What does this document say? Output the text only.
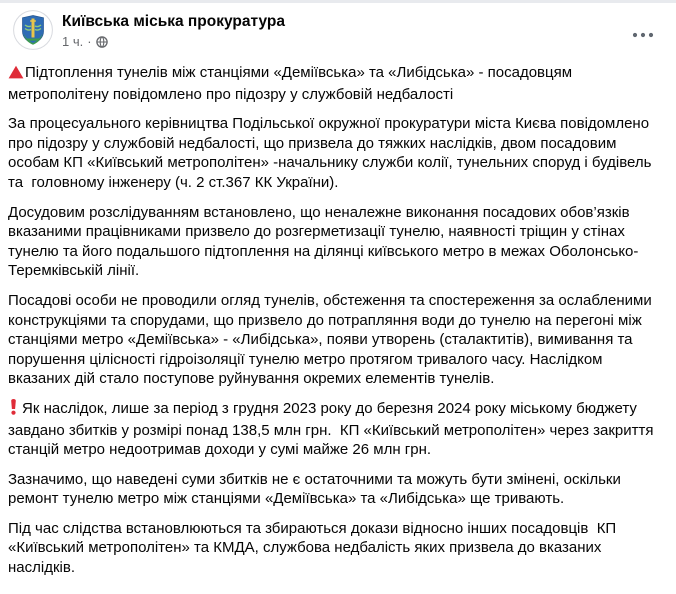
Київська міська прокуратура
1 ч. ·

Підтоплення тунелів між станціями «Деміївська» та «Либідська» - посадовцям метрополітену повідомлено про підозру у службовій недбалості

За процесуального керівництва Подільської окружної прокуратури міста Києва повідомлено про підозру у службовій недбалості, що призвела до тяжких наслідків, двом посадовим особам КП «Київський метрополітен» -начальнику служби колії, тунельних споруд і будівель та  головному інженеру (ч. 2 ст.367 КК України).

Досудовим розслідуванням встановлено, що неналежне виконання посадових обов’язків вказаними працівниками призвело до розгерметизації тунелю, наявності тріщин у стінах тунелю та його подальшого підтоплення на ділянці київського метро в межах Оболонсько-Теремківській лінії.

Посадові особи не проводили огляд тунелів, обстеження та спостереження за ослабленими конструкціями та спорудами, що призвело до потрапляння води до тунелю на перегоні між станціями метро «Деміївська» - «Либідська», появи утворень (сталактитів), вимивання та порушення цілісності гідроізоляції тунелю метро протягом тривалого часу. Наслідком вказаних дій стало поступове руйнування окремих елементів тунелів.

Як наслідок, лише за період з грудня 2023 року до березня 2024 року міському бюджету завдано збитків у розмірі понад 138,5 млн грн.  КП «Київський метрополітен» через закриття станцій метро недоотримав доходи у сумі майже 26 млн грн.

Зазначимо, що наведені суми збитків не є остаточними та можуть бути змінені, оскільки ремонт тунелю метро між станціями «Деміївська» та «Либідська» ще тривають.

Під час слідства встановлюються та збираються докази відносно інших посадовців  КП «Київський метрополітен» та КМДА, службова недбалість яких призвела до вказаних наслідків.
